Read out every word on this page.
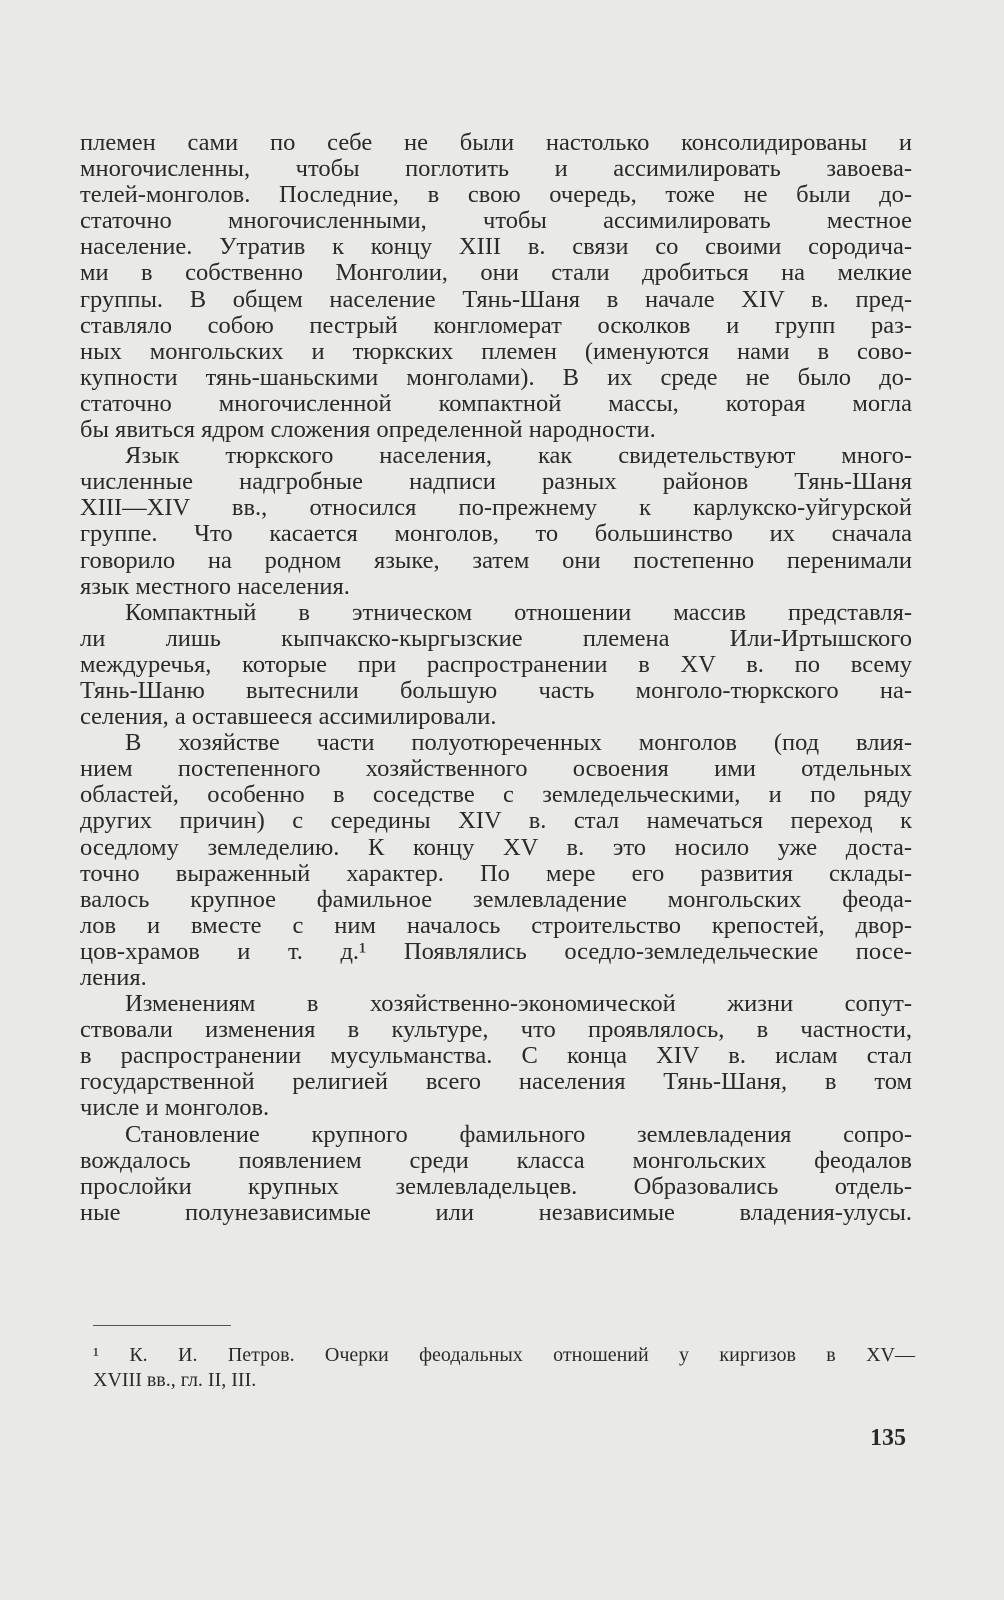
племен сами по себе не были настолько консолидированы и
многочисленны, чтобы поглотить и ассимилировать завоева-
телей-монголов. Последние, в свою очередь, тоже не были до-
статочно многочисленными, чтобы ассимилировать местное
население. Утратив к концу XIII в. связи со своими сородича-
ми в собственно Монголии, они стали дробиться на мелкие
группы. В общем население Тянь-Шаня в начале XIV в. пред-
ставляло собою пестрый конгломерат осколков и групп раз-
ных монгольских и тюркских племен (именуются нами в сово-
купности тянь-шаньскими монголами). В их среде не было до-
статочно многочисленной компактной массы, которая могла
бы явиться ядром сложения определенной народности.

Язык тюркского населения, как свидетельствуют много-
численные надгробные надписи разных районов Тянь-Шаня
XIII—XIV вв., относился по-прежнему к карлукско-уйгурской
группе. Что касается монголов, то большинство их сначала
говорило на родном языке, затем они постепенно перенимали
язык местного населения.

Компактный в этническом отношении массив представля-
ли лишь кыпчакско-кыргызские племена Или-Иртышского
междуречья, которые при распространении в XV в. по всему
Тянь-Шаню вытеснили большую часть монголо-тюркского на-
селения, а оставшееся ассимилировали.

В хозяйстве части полуотюреченных монголов (под влия-
нием постепенного хозяйственного освоения ими отдельных
областей, особенно в соседстве с земледельческими, и по ряду
других причин) с середины XIV в. стал намечаться переход к
оседлому земледелию. К концу XV в. это носило уже доста-
точно выраженный характер. По мере его развития склады-
валось крупное фамильное землевладение монгольских феода-
лов и вместе с ним началось строительство крепостей, двор-
цов-храмов и т. д.¹ Появлялись оседло-земледельческие посе-
ления.

Изменениям в хозяйственно-экономической жизни сопут-
ствовали изменения в культуре, что проявлялось, в частности,
в распространении мусульманства. С конца XIV в. ислам стал
государственной религией всего населения Тянь-Шаня, в том
числе и монголов.

Становление крупного фамильного землевладения сопро-
вождалось появлением среди класса монгольских феодалов
прослойки крупных землевладельцев. Образовались отдель-
ные полунезависимые или независимые владения-улусы.

¹ К. И. Петров. Очерки феодальных отношений у киргизов в XV—
XVIII вв., гл. II, III.
135
